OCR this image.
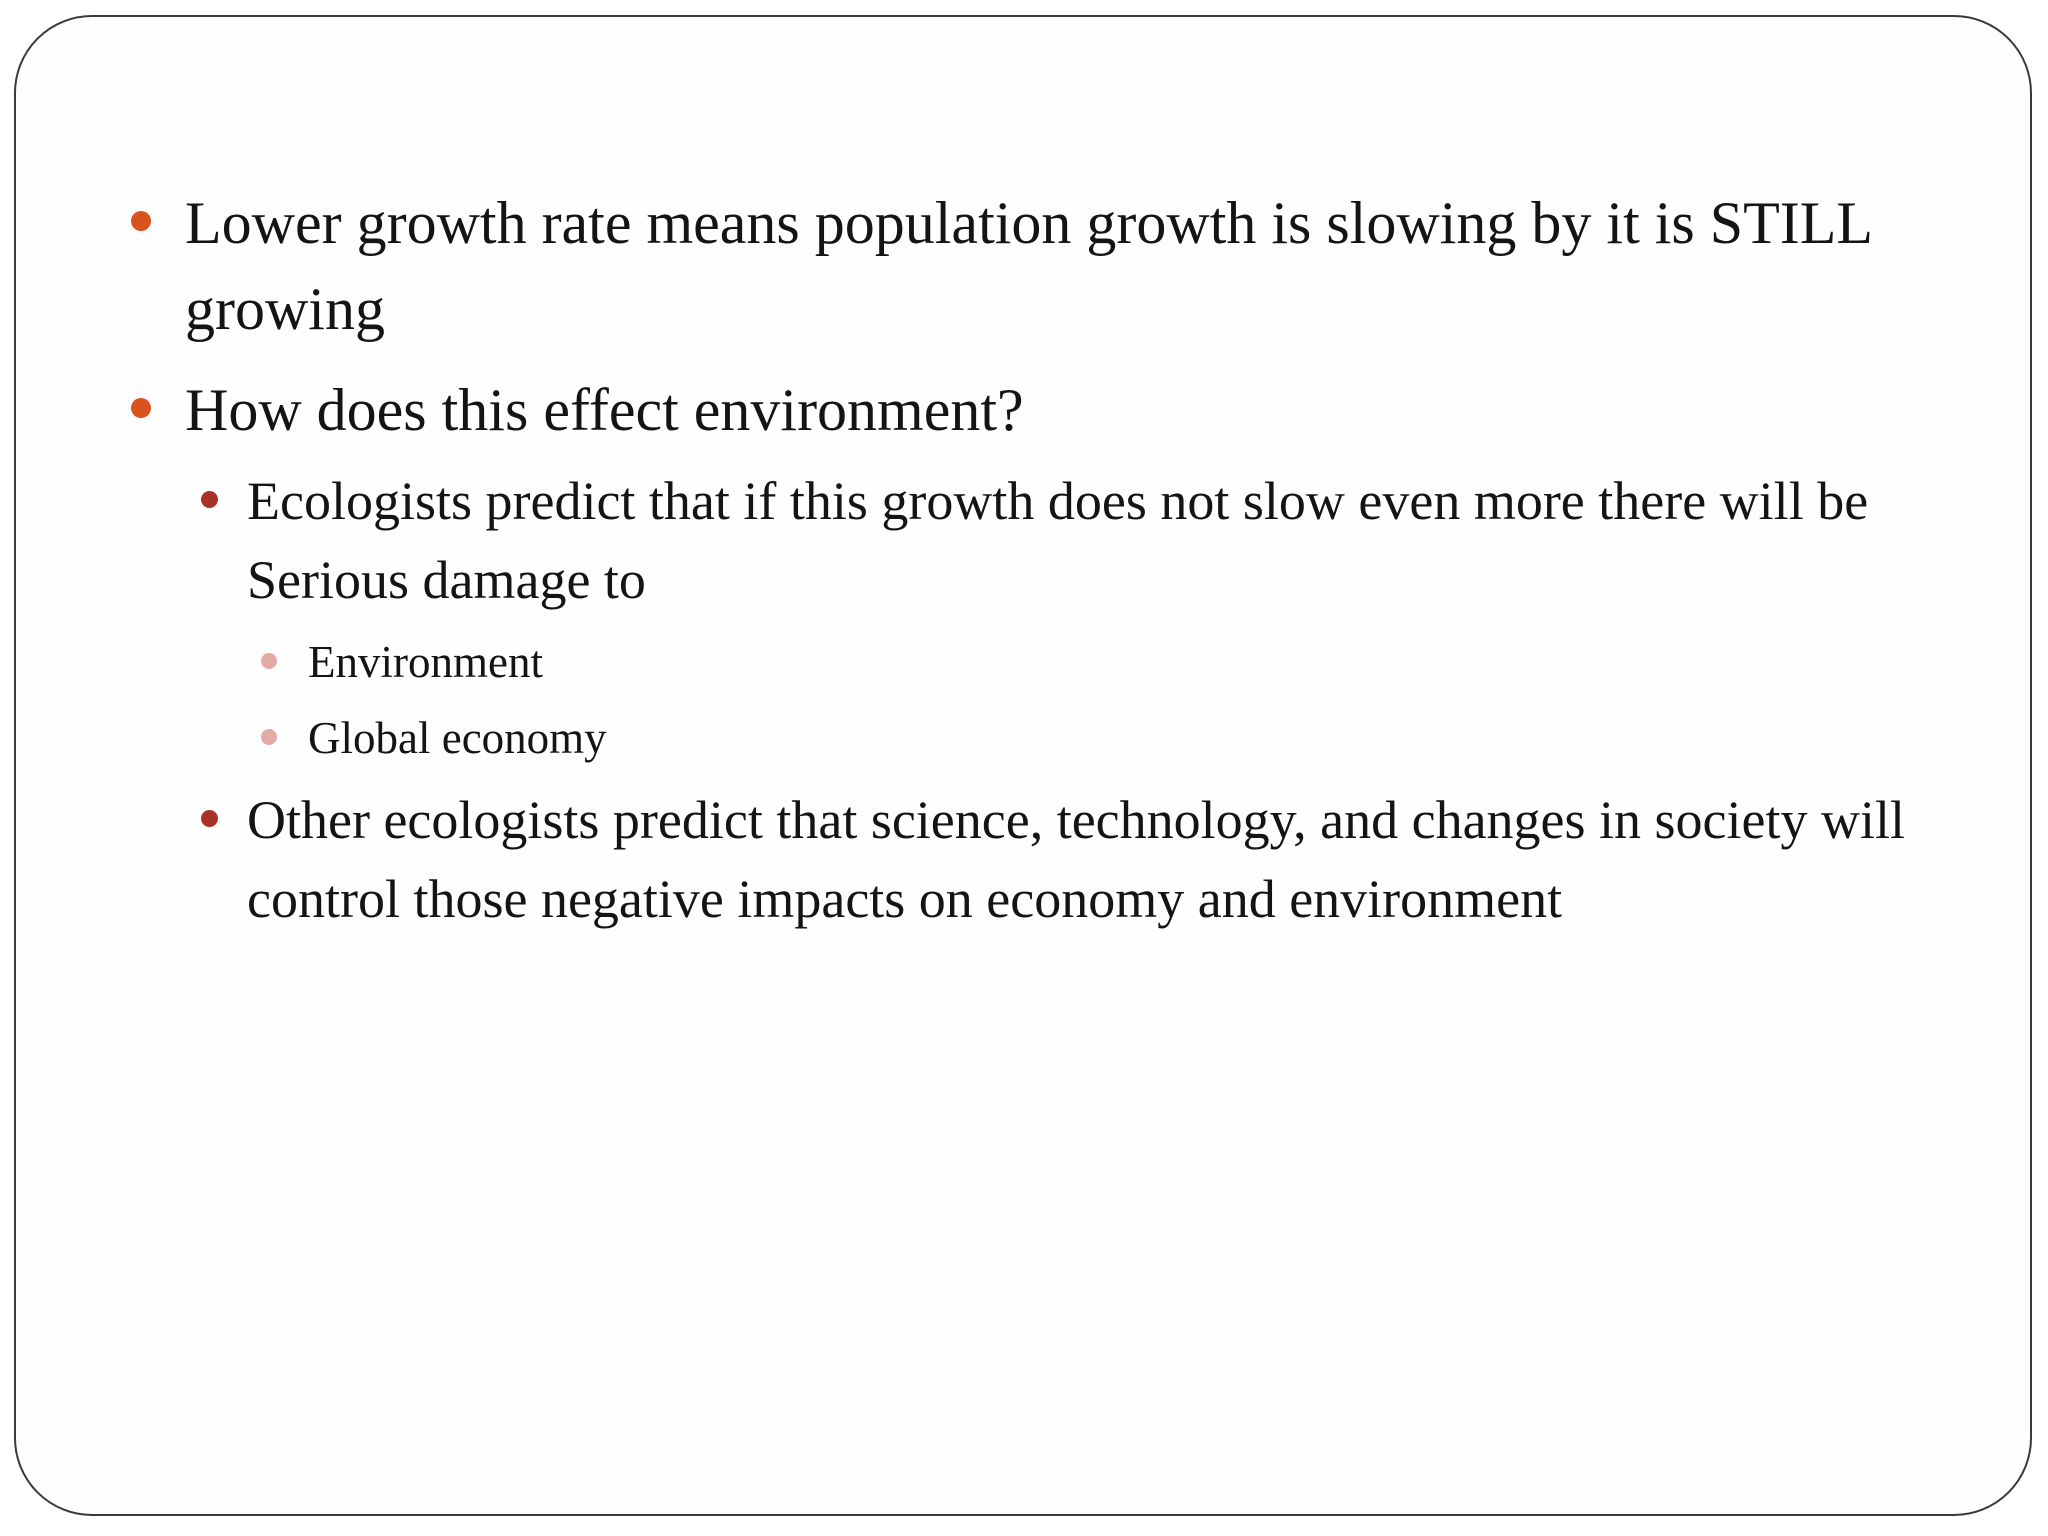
Lower growth rate means population growth is slowing by it is STILL growing

How does this effect environment?

Ecologists predict that if this growth does not slow even more there will be Serious damage to

Environment

Global economy

Other ecologists predict that science, technology, and changes in society will control those negative impacts on economy and environment
